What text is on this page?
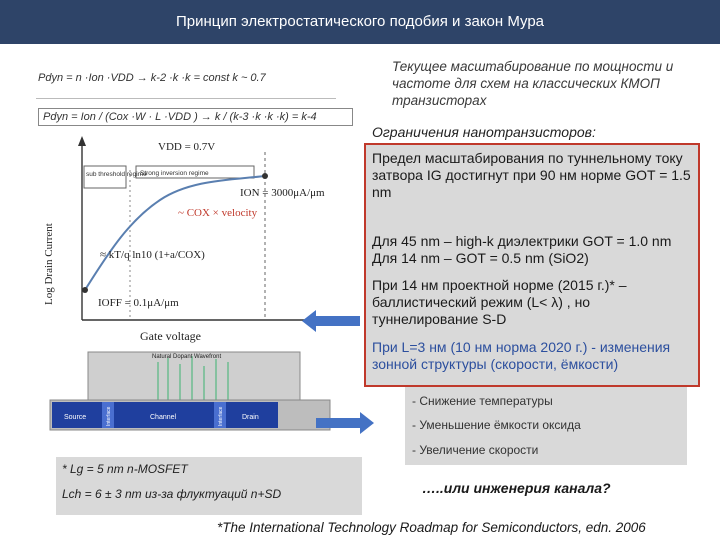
Принцип электростатического подобия и закон Мура
Pdyn = n ·Ion ·VDD → k-2 ·k ·k = const k ~ 0.7
Pdyn = Ion / (Cox ·W · L ·VDD ) → k / (k-3 ·k ·k ·k) = k-4
Log Drain Current
VDD = 0.7V
sub threshold regime
Strong inversion regime
ION = 3000μA/μm
~ COX × velocity
≈ kT/q ln10 (1+a/COX)
IOFF = 0.1μA/μm
Gate voltage
Natural Dopant Wavefront
Source	Channel	Drain
Interface	Interface
Текущее масштабирование по мощности и частоте для схем на классических КМОП транзисторах
Ограничения нанотранзисторов:
Предел масштабирования по туннельному току затвора IG достигнут при 90 нм норме GOT = 1.5 nm
Для 45 nm – high-k диэлектрики GOT = 1.0 nm Для 14 nm – GOT = 0.5 nm (SiO2)
При 14 нм проектной норме (2015 г.)* – баллистический режим (L< λ) , но туннелирование S-D
При L=3 нм (10 нм норма 2020 г.) - изменения зонной структуры (скорости, ёмкости)
- Снижение температуры
- Уменьшение ёмкости оксида
- Увеличение скорости
* Lg = 5 nm n-MOSFET
Lch = 6 ± 3 nm из-за флуктуаций n+SD	…..или инженерия канала?
*The International Technology Roadmap for Semiconductors, edn. 2006
